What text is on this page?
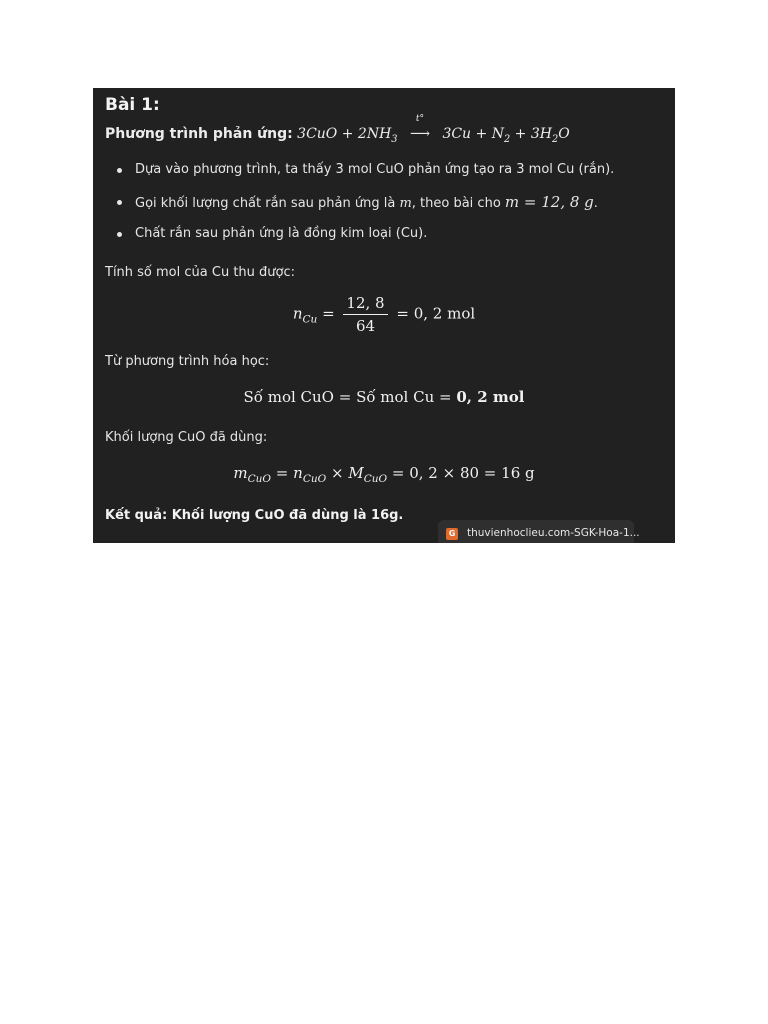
Bài 1:
Phương trình phản ứng: $3CuO + 2NH_3$
t°
⟶ $3Cu + N_2 + 3H_2O$
Dựa vào phương trình, ta thấy 3 mol CuO phản ứng tạo ra 3 mol Cu (rắn).
Gọi khối lượng chất rắn sau phản ứng là m, theo bài cho m = 12, 8 g.
Chất rắn sau phản ứng là đồng kim loại (Cu).
Tính số mol của Cu thu được:
$n_{Cu} = \frac{12, 8}{64} = 0$, 2 mol
Từ phương trình hóa học:
Số mol CuO = Số mol Cu = 0, 2 mol
Khối lượng CuO đã dùng:
$m_{CuO} = n_{CuO} \times M_{CuO} = 0$, 2 × 80 = 16 g
Kết quả: Khối lượng CuO đã dùng là 16g.
G thuvienhoclieu.com-SGK-Hoa-1...
